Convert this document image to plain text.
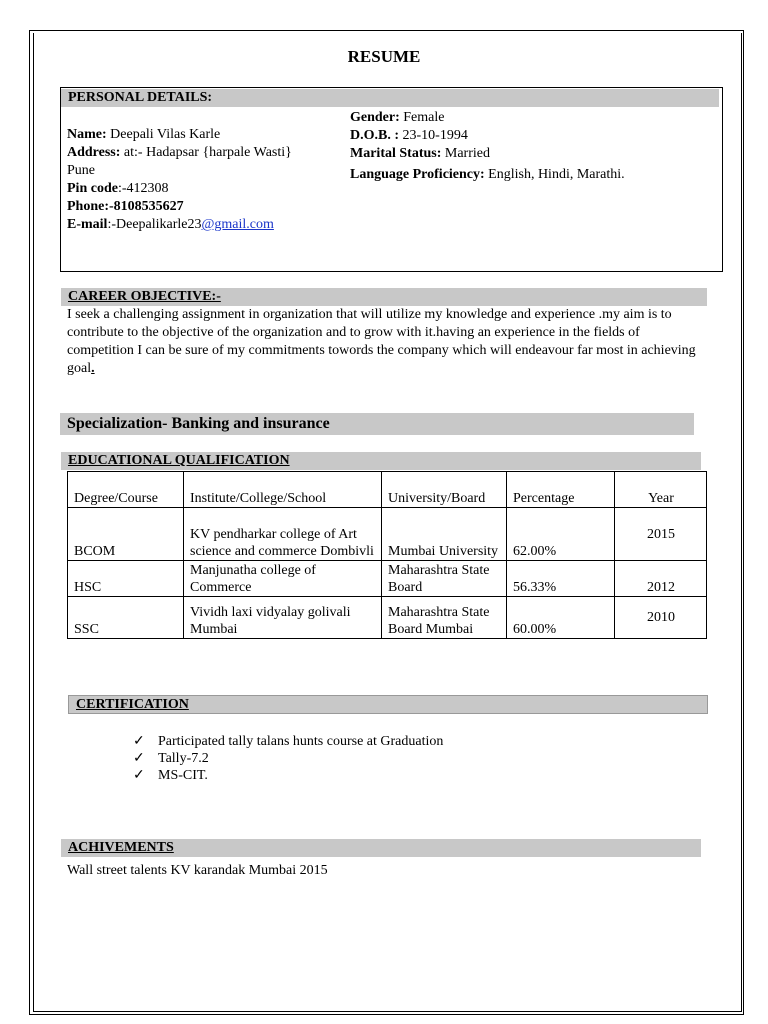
RESUME
PERSONAL DETAILS:
Name: Deepali Vilas Karle
Address: at:- Hadapsar {harpale Wasti}
Pune
Pin code:-412308
Phone:-8108535627
E-mail:-Deepalikarle23@gmail.com
Gender: Female
D.O.B. : 23-10-1994
Marital Status: Married
Language Proficiency: English, Hindi, Marathi.
CAREER OBJECTIVE:-
I seek a challenging assignment in organization that will utilize my knowledge and experience .my aim is to contribute to the objective of the organization and to grow with it.having an experience in the fields of competition I can be sure of my commitments towords the company which will endeavour far most in achieving goal.
Specialization- Banking and insurance
EDUCATIONAL QUALIFICATION
Degree/Course	Institute/College/School	University/Board	Percentage	Year
BCOM	KV pendharkar college of Art science and commerce Dombivli	Mumbai University	62.00%	2015
HSC	Manjunatha college of Commerce	Maharashtra State Board	56.33%	2012
SSC	Vividh laxi vidyalay golivali Mumbai	Maharashtra State Board Mumbai	60.00%	2010
CERTIFICATION
✓ Participated tally talans hunts course at Graduation
✓ Tally-7.2
✓ MS-CIT.
ACHIVEMENTS
Wall street talents KV karandak Mumbai 2015
